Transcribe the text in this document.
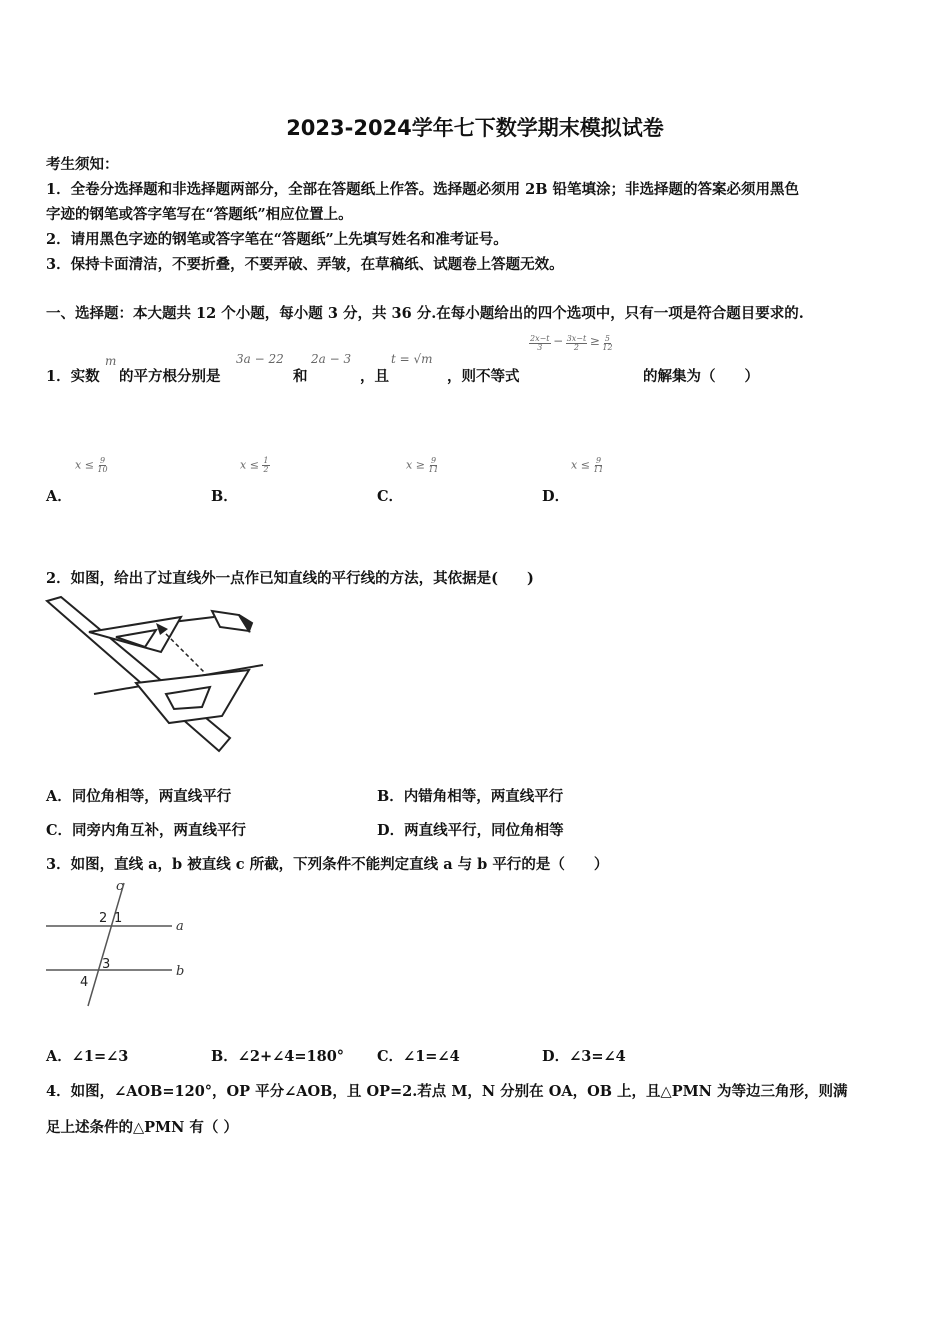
2023-2024学年七下数学期末模拟试卷
考生须知：
1．全卷分选择题和非选择题两部分，全部在答题纸上作答。选择题必须用 2B 铅笔填涂；非选择题的答案必须用黑色
字迹的钢笔或答字笔写在“答题纸”相应位置上。
2．请用黑色字迹的钢笔或答字笔在“答题纸”上先填写姓名和准考证号。
3．保持卡面清洁，不要折叠，不要弄破、弄皱，在草稿纸、试题卷上答题无效。
一、选择题：本大题共 12 个小题，每小题 3 分，共 36 分.在每小题给出的四个选项中，只有一项是符合题目要求的.
1．实数
m
的平方根分别是
3a − 22
和
2a − 3
，且
t = √m
，则不等式
$\frac{2x-t}{3} - \frac{3x-t}{2} \ge \frac{5}{12}$
的解集为（　　）
$x \le \frac{9}{10}$
A．
$x \le \frac{1}{2}$
B．
$x \ge \frac{9}{11}$
C．
$x \le \frac{9}{11}$
D．
2．如图，给出了过直线外一点作已知直线的平行线的方法，其依据是(　　)
A．同位角相等，两直线平行	B．内错角相等，两直线平行
C．同旁内角互补，两直线平行	D．两直线平行，同位角相等
3．如图，直线 a，b 被直线 c 所截，下列条件不能判定直线 a 与 b 平行的是（　　）
c
a
b
2 1
3
4
A．∠1=∠3	B．∠2+∠4=180° C．∠1=∠4	D．∠3=∠4
4．如图，∠AOB=120°，OP 平分∠AOB，且 OP=2.若点 M，N 分别在 OA，OB 上，且△PMN 为等边三角形，则满
足上述条件的△PMN 有（ ）
